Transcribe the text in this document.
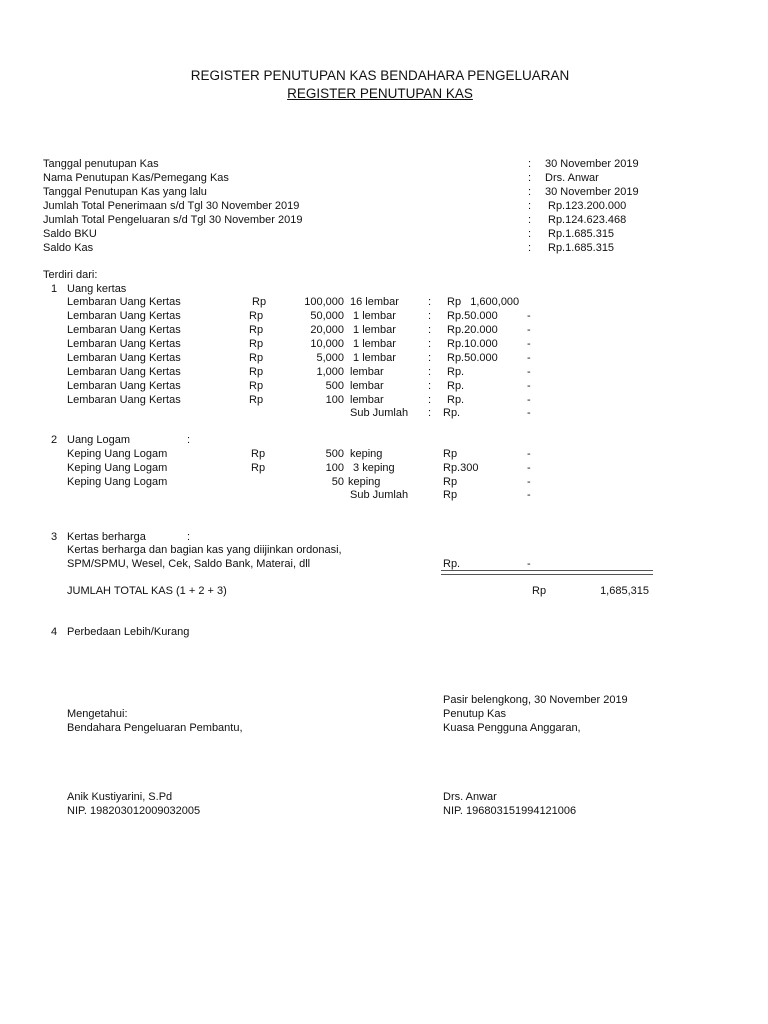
REGISTER PENUTUPAN KAS BENDAHARA PENGELUARAN
REGISTER PENUTUPAN KAS
Tanggal penutupan Kas	: 30 November 2019
Nama Penutupan Kas/Pemegang Kas	: Drs. Anwar
Tanggal Penutupan Kas yang lalu	: 30 November 2019
Jumlah Total Penerimaan s/d Tgl 30 November 2019	: Rp.123.200.000
Jumlah Total Pengeluaran s/d Tgl 30 November 2019	: Rp.124.623.468
Saldo BKU	: Rp.1.685.315
Saldo Kas	: Rp.1.685.315
Terdiri dari:
1 Uang kertas
Lembaran Uang Kertas	Rp	100,000 16 lembar	: Rp   1,600,000
Lembaran Uang Kertas	Rp	50,000 1 lembar	: Rp.50.000	-
Lembaran Uang Kertas	Rp	20,000 1 lembar	: Rp.20.000	-
Lembaran Uang Kertas	Rp	10,000 1 lembar	: Rp.10.000	-
Lembaran Uang Kertas	Rp	5,000 1 lembar	: Rp.50.000	-
Lembaran Uang Kertas	Rp	1,000 lembar	: Rp.	-
Lembaran Uang Kertas	Rp	500 lembar	: Rp.	-
Lembaran Uang Kertas	Rp	100 lembar	: Rp.	-
Sub Jumlah : Rp.	-
2 Uang Logam	:
Keping Uang Logam	Rp	500 keping	Rp	-
Keping Uang Logam	Rp	100 3 keping	Rp.300	-
Keping Uang Logam	50 keping	Rp	-
Sub Jumlah	Rp	-
3 Kertas berharga	:
Kertas berharga dan bagian kas yang diijinkan ordonasi,
SPM/SPMU, Wesel, Cek, Saldo Bank, Materai, dll	Rp.	-
JUMLAH TOTAL KAS (1 + 2 + 3)	Rp	1,685,315
4 Perbedaan Lebih/Kurang
Mengetahui:
Bendahara Pengeluaran Pembantu,
Anik Kustiyarini, S.Pd
NIP. 198203012009032005
Pasir belengkong, 30 November 2019
Penutup Kas
Kuasa Pengguna Anggaran,
Drs. Anwar
NIP. 196803151994121006
